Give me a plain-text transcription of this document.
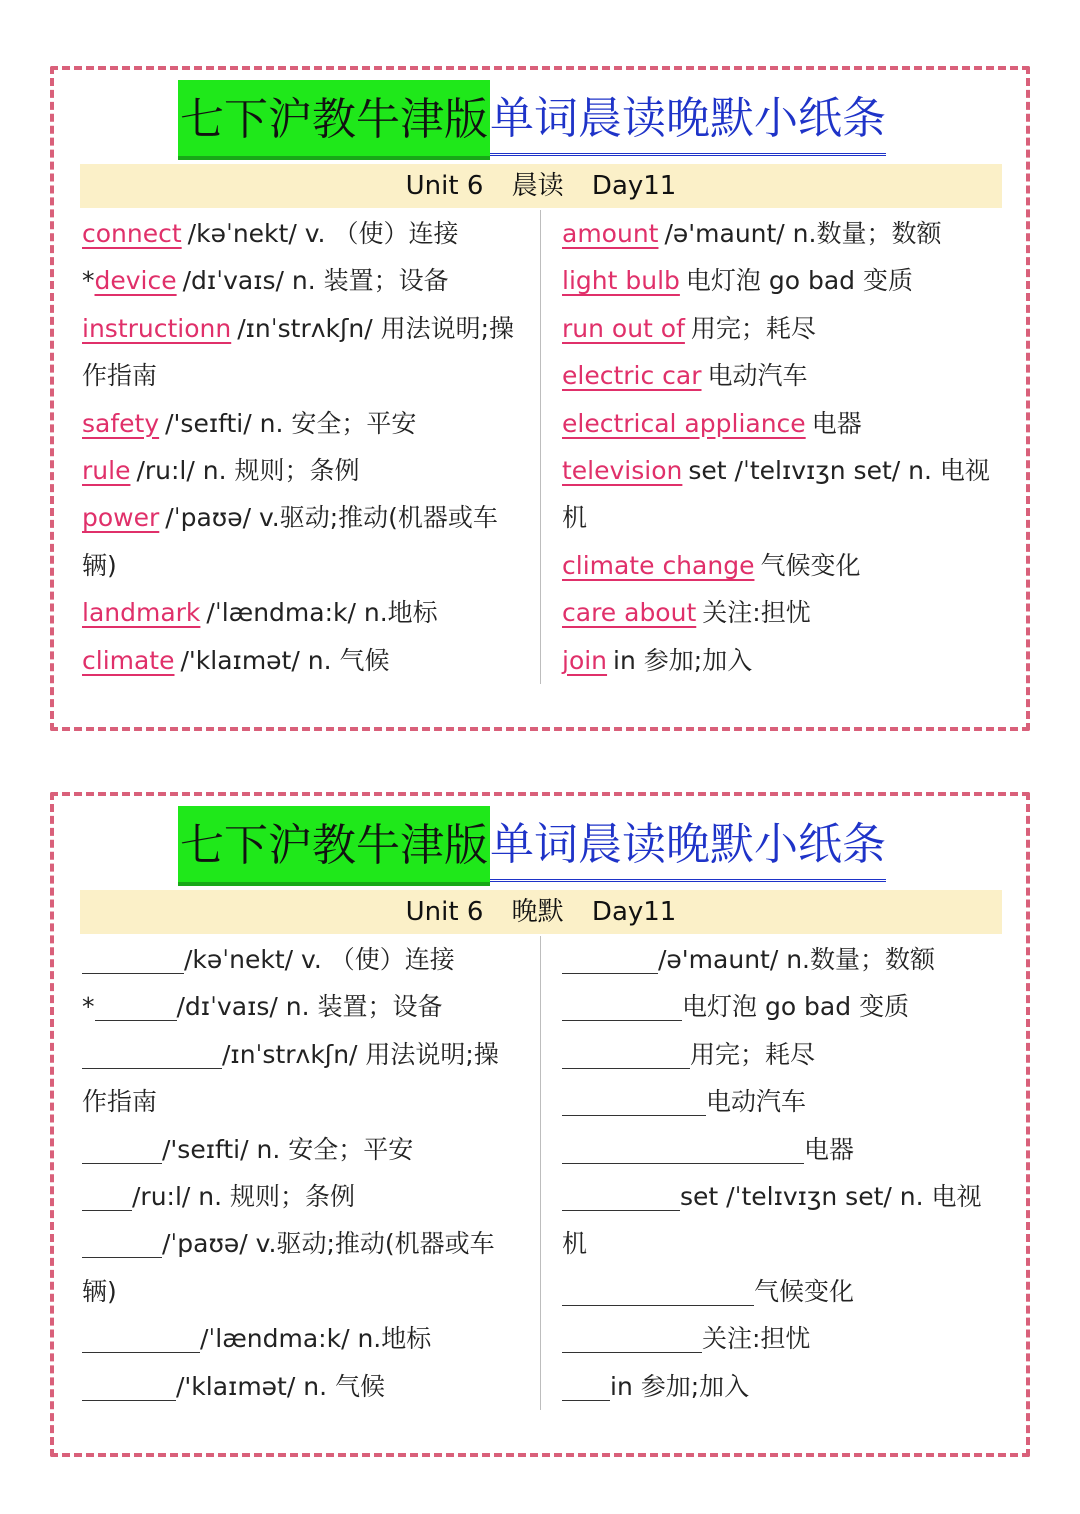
七下沪教牛津版单词晨读晚默小纸条
Unit 6 晨读 Day11
connect /kəˈnekt/ v. （使）连接
*device /dɪˈvaɪs/ n. 装置；设备
instructionn /ɪnˈstrʌkʃn/ 用法说明;操
作指南
safety /'seɪfti/ n. 安全；平安
rule /ru:l/ n. 规则；条例
power /ˈpaʊə/ v.驱动;推动(机器或车
辆)
landmark /ˈlændma:k/ n.地标
climate /'klaɪmət/ n. 气候
amount /ə'maunt/ n.数量；数额
light bulb 电灯泡 go bad 变质
run out of 用完；耗尽
electric car 电动汽车
electrical appliance 电器
television set /ˈtelɪvɪʒn set/ n. 电视
机
climate change 气候变化
care about 关注:担忧
join in 参加;加入
七下沪教牛津版单词晨读晚默小纸条
Unit 6 晚默 Day11
/kəˈnekt/ v. （使）连接
*	/dɪˈvaɪs/ n. 装置；设备
/ɪnˈstrʌkʃn/ 用法说明;操
作指南
/'seɪfti/ n. 安全；平安
/ru:l/ n. 规则；条例
/ˈpaʊə/ v.驱动;推动(机器或车
辆)
/ˈlændma:k/ n.地标
/'klaɪmət/ n. 气候
/ə'maunt/ n.数量；数额
电灯泡 go bad 变质
用完；耗尽
电动汽车
电器
set /ˈtelɪvɪʒn set/ n. 电视
机
气候变化
关注:担忧
in 参加;加入
